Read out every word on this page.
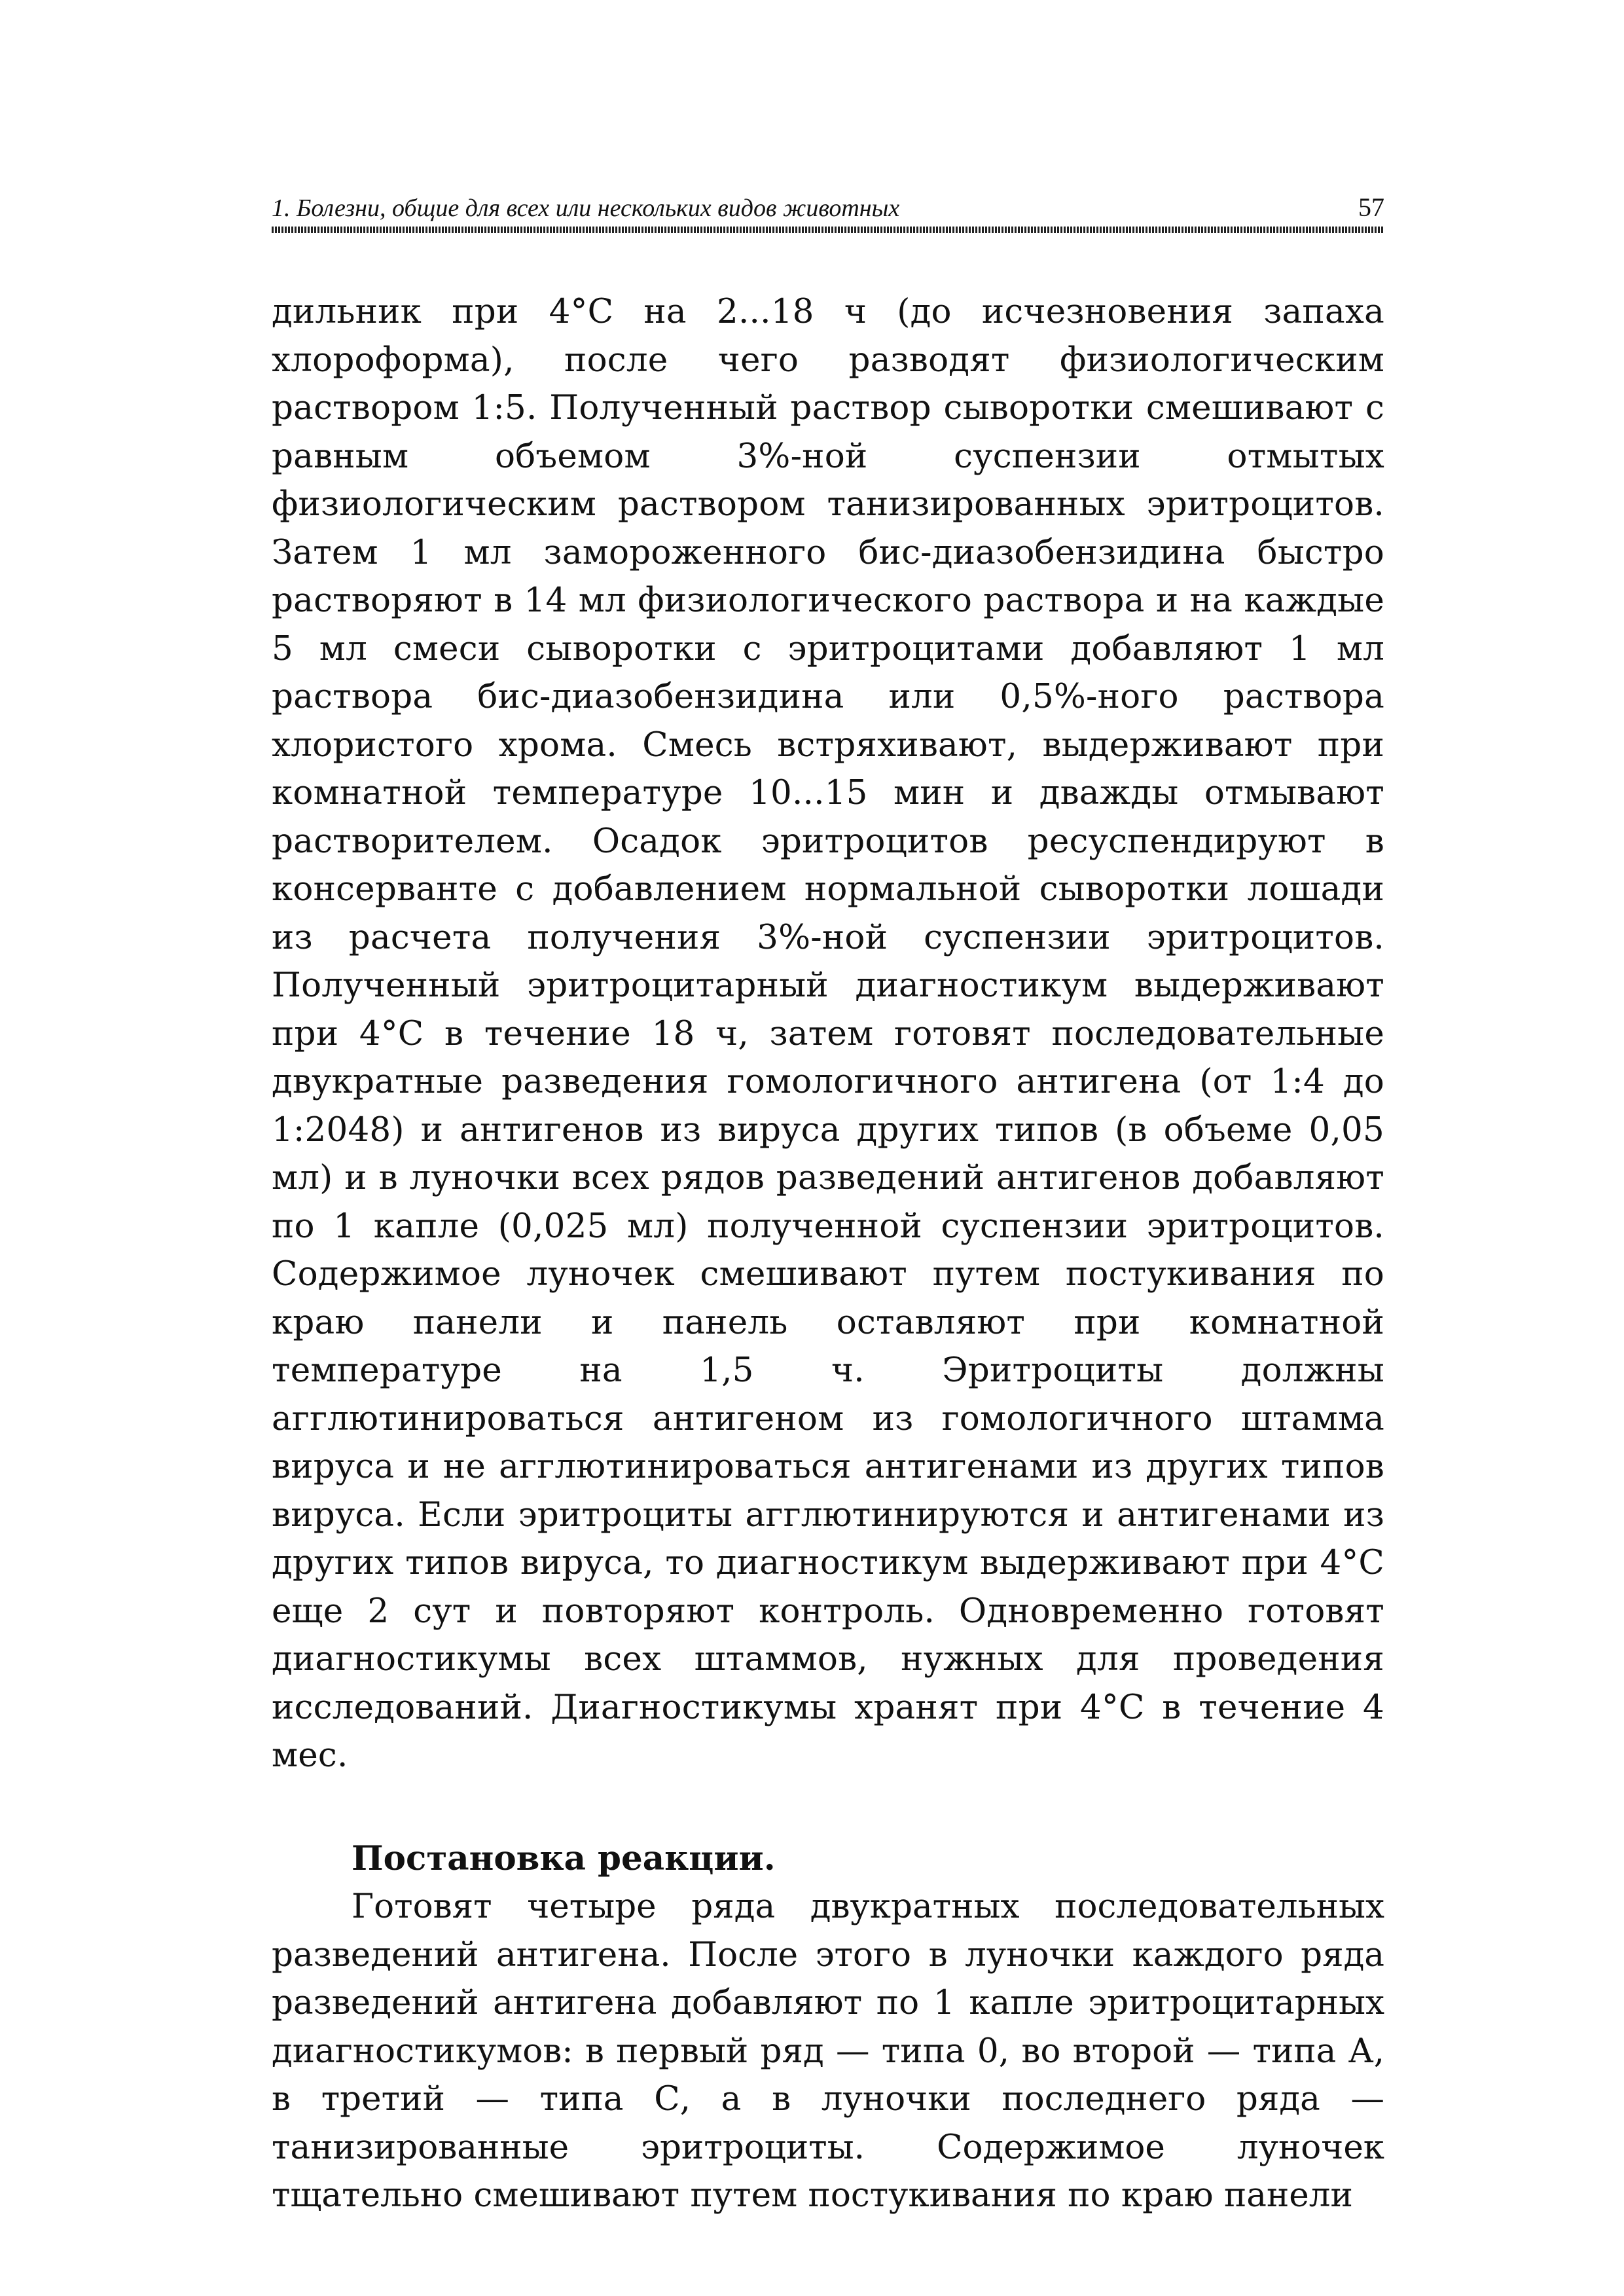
1. Болезни, общие для всех или нескольких видов животных	57

дильник при 4°С на 2...18 ч (до исчезновения запаха хлороформа), после чего разводят физиологическим раствором 1:5. Полученный раствор сыворотки смешивают с равным объемом 3%-ной суспензии отмытых физиологическим раствором танизированных эритроцитов. Затем 1 мл замороженного бис-диазобензидина быстро растворяют в 14 мл физиологического раствора и на каждые 5 мл смеси сыворотки с эритроцитами добавляют 1 мл раствора бис-диазобензидина или 0,5%-ного раствора хлористого хрома. Смесь встряхивают, выдерживают при комнатной температуре 10...15 мин и дважды отмывают растворителем. Осадок эритроцитов ресуспендируют в консерванте с добавлением нормальной сыворотки лошади из расчета получения 3%-ной суспензии эритроцитов. Полученный эритроцитарный диагностикум выдерживают при 4°С в течение 18 ч, затем готовят последовательные двукратные разведения гомологичного антигена (от 1:4 до 1:2048) и антигенов из вируса других типов (в объеме 0,05 мл) и в луночки всех рядов разведений антигенов добавляют по 1 капле (0,025 мл) полученной суспензии эритроцитов. Содержимое луночек смешивают путем постукивания по краю панели и панель оставляют при комнатной температуре на 1,5 ч. Эритроциты должны агглютинироваться антигеном из гомологичного штамма вируса и не агглютинироваться антигенами из других типов вируса. Если эритроциты агглютинируются и антигенами из других типов вируса, то диагностикум выдерживают при 4°С еще 2 сут и повторяют контроль. Одновременно готовят диагностикумы всех штаммов, нужных для проведения исследований. Диагностикумы хранят при 4°С в течение 4 мес.

Постановка реакции.

Готовят четыре ряда двукратных последовательных разведений антигена. После этого в луночки каждого ряда разведений антигена добавляют по 1 капле эритроцитарных диагностикумов: в первый ряд — типа 0, во второй — типа А, в третий — типа С, а в луночки последнего ряда — танизированные эритроциты. Содержимое луночек тщательно смешивают путем постукивания по краю панели
